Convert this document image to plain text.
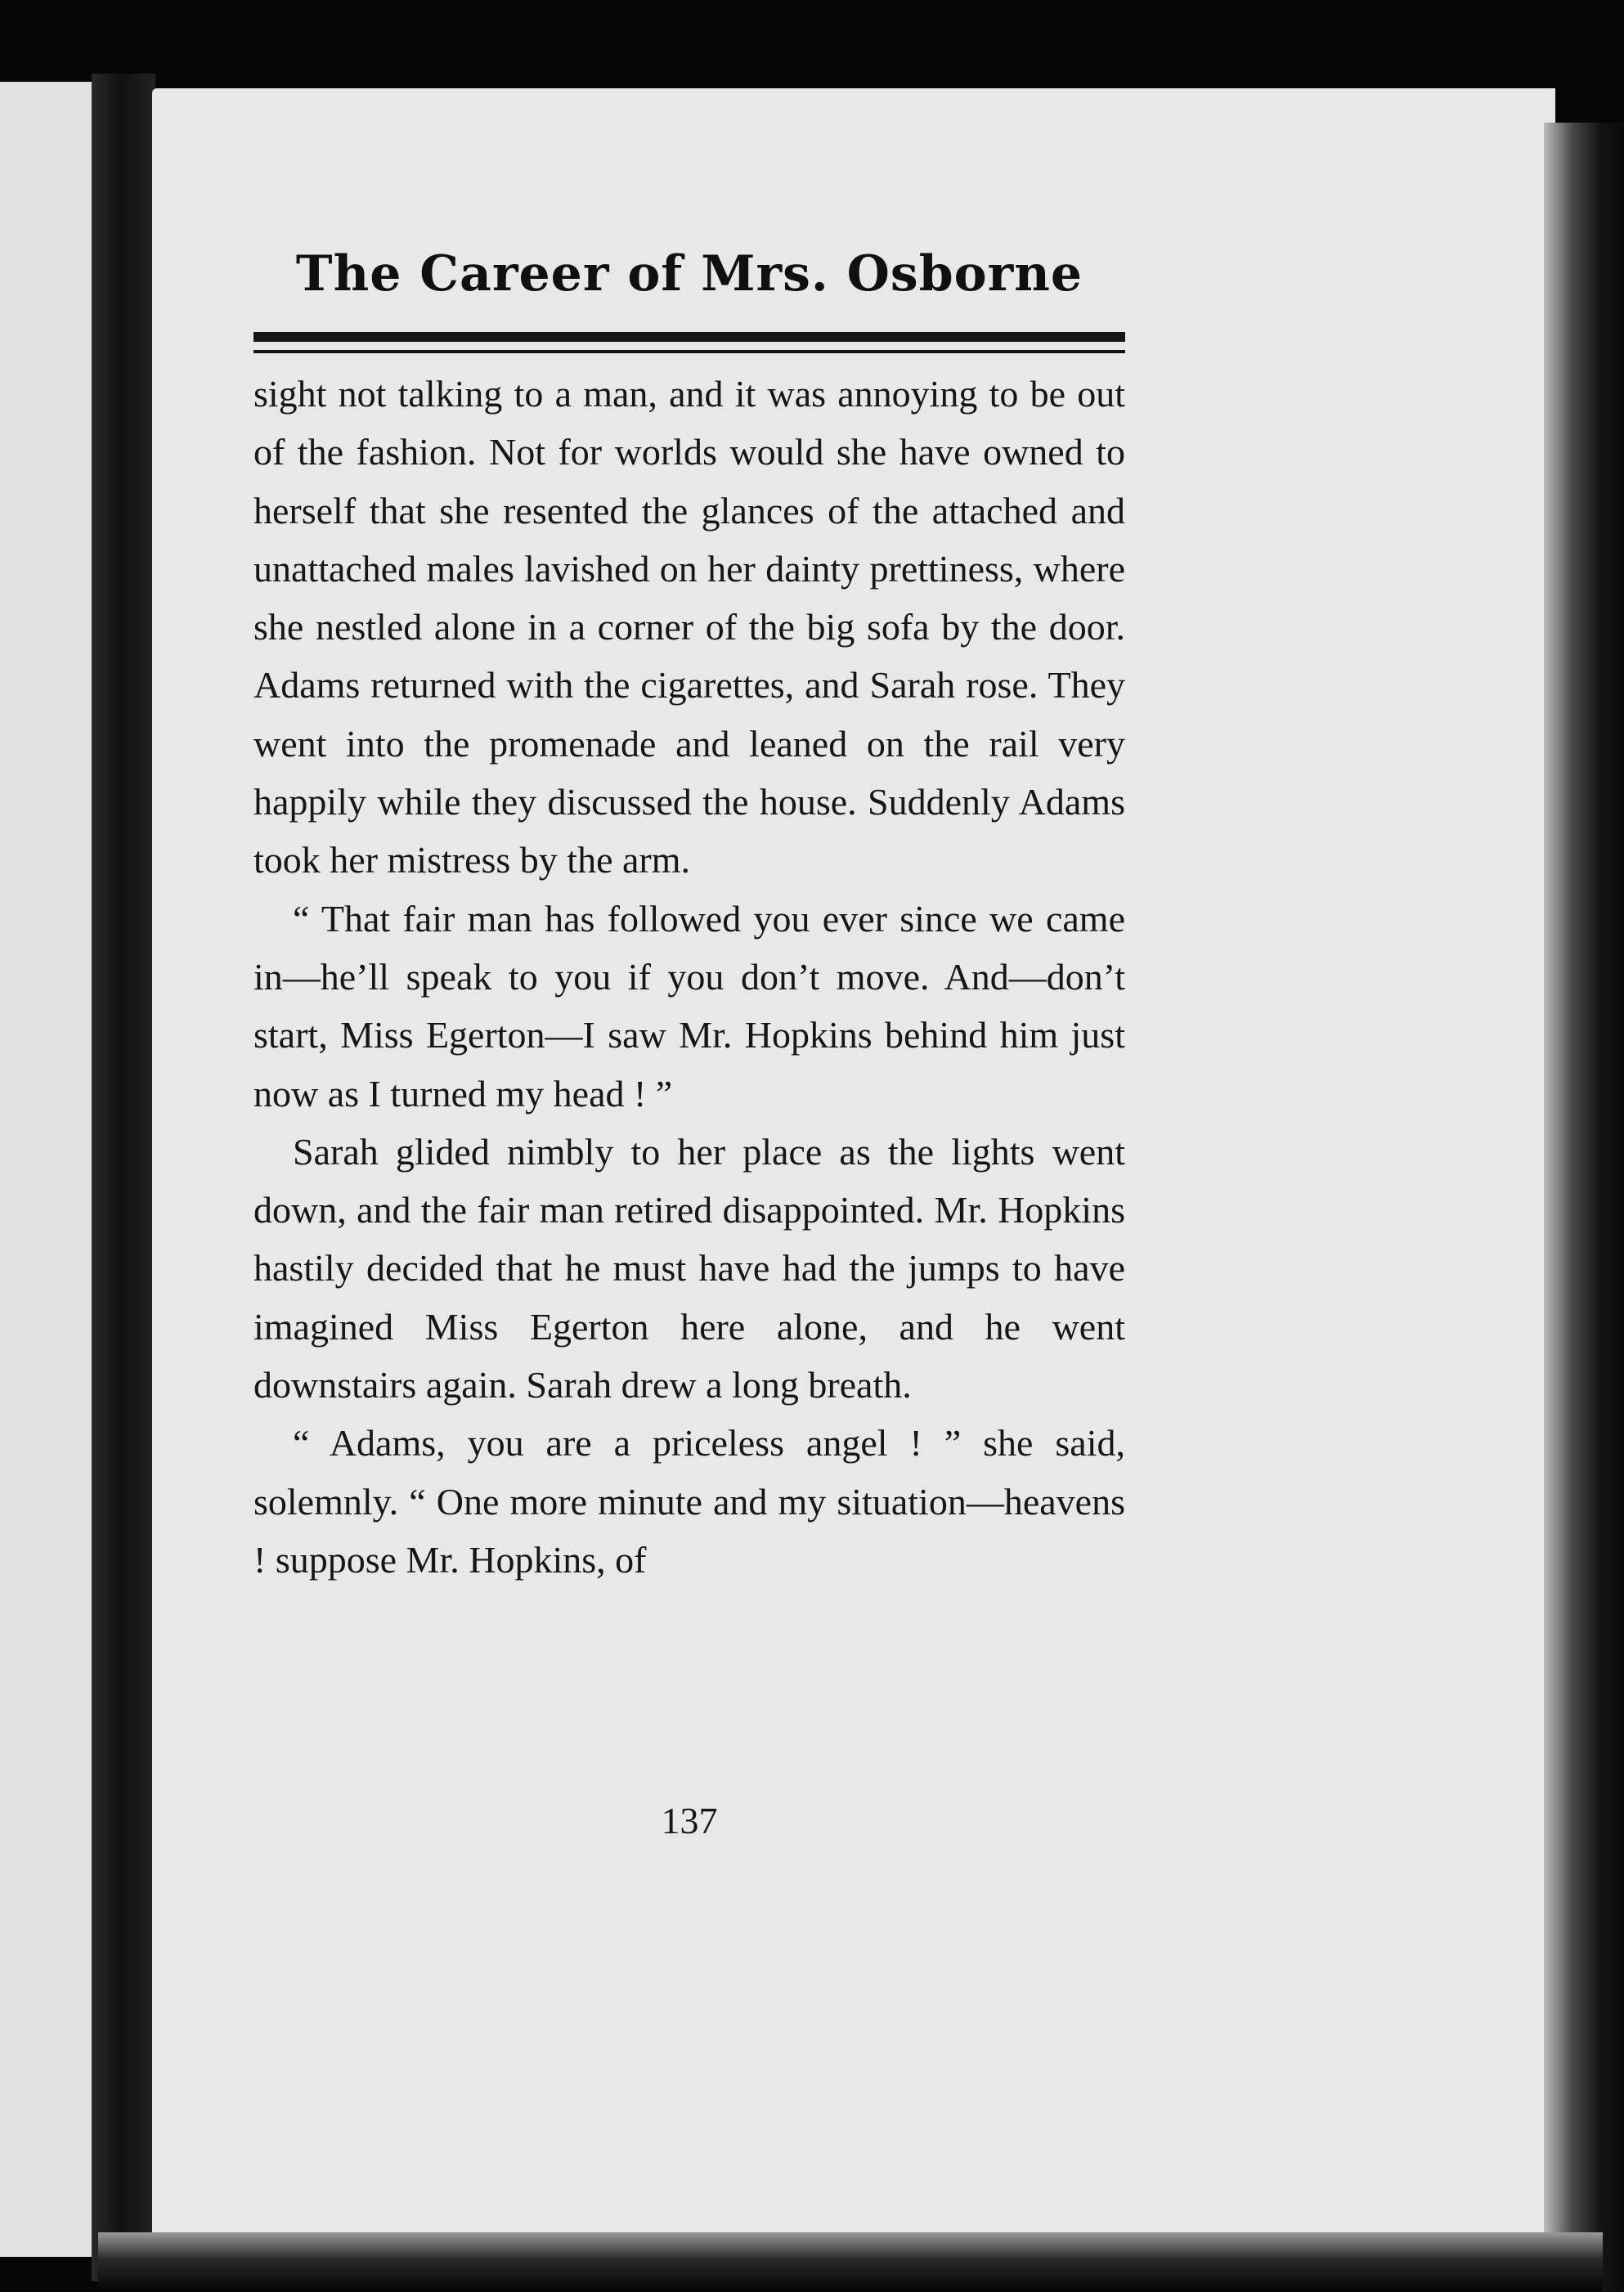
The Career of Mrs. Osborne

sight not talking to a man, and it was annoying to be out of the fashion. Not for worlds would she have owned to herself that she resented the glances of the attached and unattached males lavished on her dainty prettiness, where she nestled alone in a corner of the big sofa by the door. Adams returned with the cigarettes, and Sarah rose. They went into the promenade and leaned on the rail very happily while they discussed the house. Suddenly Adams took her mistress by the arm.

“ That fair man has followed you ever since we came in—he’ll speak to you if you don’t move. And—don’t start, Miss Egerton—I saw Mr. Hopkins behind him just now as I turned my head ! ”

Sarah glided nimbly to her place as the lights went down, and the fair man retired disappointed. Mr. Hopkins hastily decided that he must have had the jumps to have imagined Miss Egerton here alone, and he went downstairs again. Sarah drew a long breath.

“ Adams, you are a priceless angel ! ” she said, solemnly. “ One more minute and my situation—heavens ! suppose Mr. Hopkins, of

137
